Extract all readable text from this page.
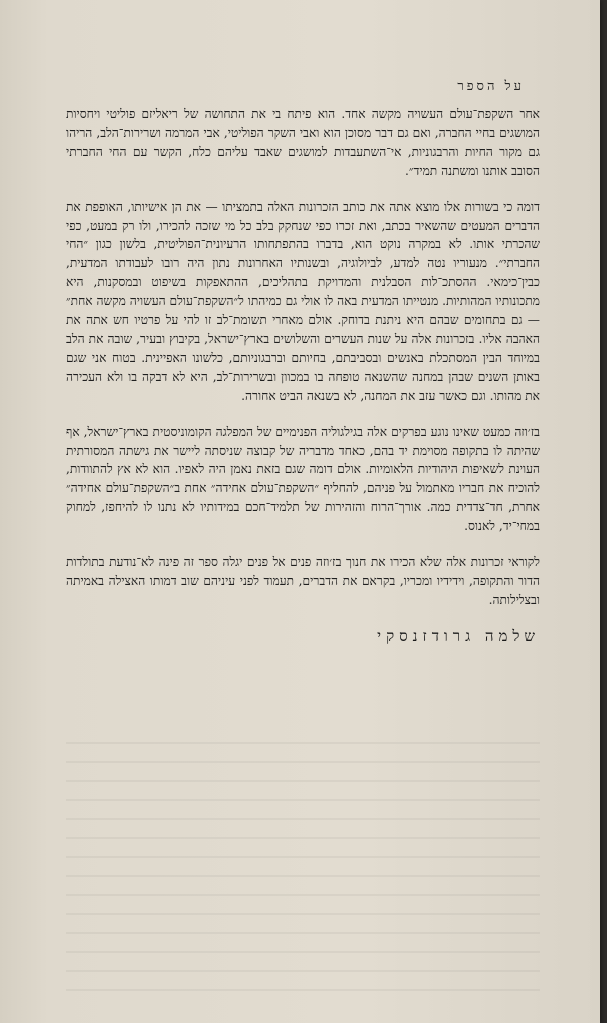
על הספר

אחר השקפת־עולם העשויה מקשה אחד. הוא פיתח בי את התחושה של ריאליזם פוליטי ויחסיות המושגים בחיי החברה, ואם גם דבר מסוכן הוא ואבי השקר הפוליטי, אבי המרמה ושרירות־הלב, הריהו גם מקור החיות והרבגוניות, אי־השתעבדות למושגים שאבד עליהם כלח, הקשר עם החי החברתי הסובב אותנו ומשתנה תמיד״.

דומה כי בשורות אלו מוצא אתה את כותב הזכרונות האלה בתמציתו — את הן אישיותו, האופפת את הדברים המעטים שהשאיר בכתב, ואת זכרו כפי שנחקק בלב כל מי שזכה להכירו, ולו רק במעט, כפי שהכרתי אותו. לא במקרה נוקט הוא, בדברו בהתפתחותו הרעיונית־הפוליטית, בלשון כגון ״החי החברתי״. מנעוריו נטה למדע, לביולוגיה, ובשנותיו האחרונות נתון היה רובו לעבודתו המדעית, כבין־כימאי. ההסתכ־לות הסבלנית והמדויקת בתהליכים, ההתאפקות בשיפוט ובמסקנות, היא מתכונותיו המהותיות. מנטייתו המדעית באה לו אולי גם כמיהתו ל״השקפת־עולם העשויה מקשה אחת״ — גם בתחומים שבהם היא ניתנת בדוחק. אולם מאחרי תשומת־לב זו להי על פרטיו חש אתה את האהבה אליו. בזכרונות אלה על שנות העשרים והשלושים בארץ־ישראל, בקיבוץ ובעיר, שובה את הלב במיוחד הבין המסתכלת באנשים ובסביבתם, בחיותם וברבגוניותם, כלשונו האפיינית. בטוח אני שגם באותן השנים שבהן במחנה שהשנאה טופחה בו במכוון ובשרירות־לב, היא לא דבקה בו ולא העכירה את מהותו. וגם כאשר עזב את המחנה, לא בשנאה הביט אחורה.

בז׳וזה כמעט שאינו נוגע בפרקים אלה בגילגוליה הפנימיים של המפלגה הקומוניסטית בארץ־ישראל, אף שהיתה לו בתקופה מסוימת יד בהם, כאחד מדבריה של קבוצה שניסתה ליישר את גישתה המסורתית העוינת לשאיפות היהודיות הלאומיות. אולם דומה שגם בזאת נאמן היה לאפיו. הוא לא אץ להתוודות, להוכיח את חבריו מאתמול על פניהם, להחליף ״השקפת־עולם אחידה״ אחת ב״השקפת־עולם אחידה״ אחרת, חד־צדדית כמה. אורך־הרוח והזהירות של תלמיד־חכם במידותיו לא נתנו לו להיחפז, למחוק במחי־יד, לאנוס.

לקוראי זכרונות אלה שלא הכירו את חנוך בז׳וזה פנים אל פנים יגלה ספר זה פינה לא־נודעת בתולדות הדור והתקופה, וידידיו ומכריו, בקראם את הדברים, תעמוד לפני עיניהם שוב דמותו האצילה באמיתה ובצלילותה.

שלמה גרודזנסקי
